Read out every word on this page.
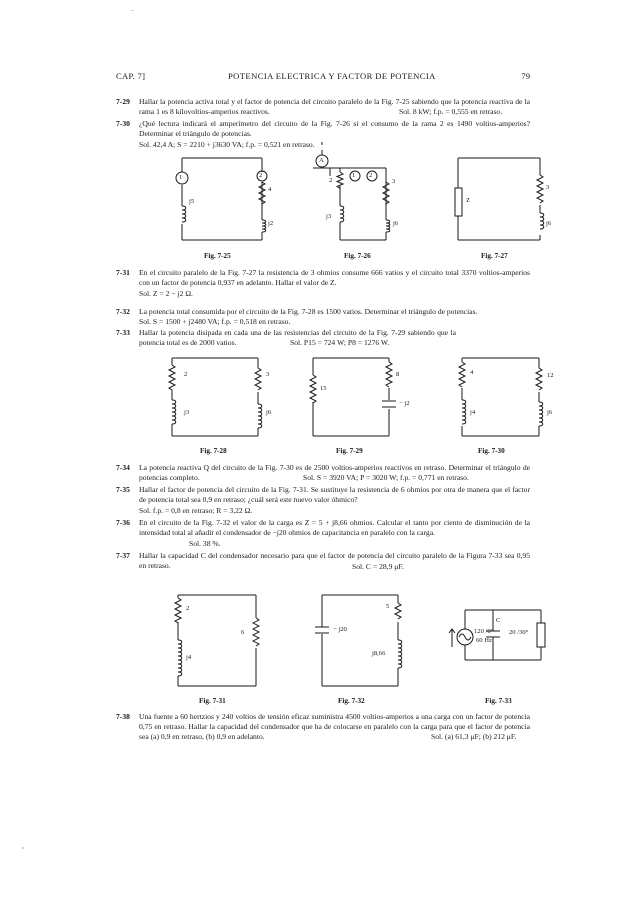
CAP. 7]	POTENCIA ELECTRICA Y FACTOR DE POTENCIA	79
7-29 Hallar la potencia activa total y el factor de potencia del circuito paralelo de la Fig. 7-25 sabiendo que la potencia reactiva de la rama 1 es 8 kilovoltios-amperios reactivos.	Sol. 8 kW; f.p. = 0,555 en retraso.
7-30 ¿Qué lectura indicará el amperímetro del circuito de la Fig. 7-26 si el consumo de la rama 2 es 1490 voltios-amperios? Determinar el triángulo de potencias.
Sol. 42,4 A; S = 2210 + j3630 VA; f.p. = 0,521 en retraso.
1	2
4
j5
j2
Fig. 7-25
A
2
1 2
3
j3
j6
Fig. 7-26
Z
3
j6
Fig. 7-27
7-31 En el circuito paralelo de la Fig. 7-27 la resistencia de 3 ohmios consume 666 vatios y el circuito total 3370 voltios-amperios con un factor de potencia 0,937 en adelanto. Hallar el valor de Z.
Sol. Z = 2 − j2 Ω.
7-32 La potencia total consumida por el circuito de la Fig. 7-28 es 1500 vatios. Determinar el triángulo de potencias.
Sol. S = 1500 + j2480 VA; f.p. = 0,518 en retraso.
7-33 Hallar la potencia disipada en cada una de las resistencias del circuito de la Fig. 7-29 sabiendo que la potencia total es de 2000 vatios.	Sol. P15 = 724 W; P8 = 1276 W.
2	3
j3	j6
Fig. 7-28
15
8
− j2
Fig. 7-29
4	12
j4	j6
Fig. 7-30
7-34 La potencia reactiva Q del circuito de la Fig. 7-30 es de 2500 voltios-amperios reactivos en retraso. Determinar el triángulo de potencias completo.	Sol. S = 3920 VA; P = 3020 W; f.p. = 0,771 en retraso.
7-35 Hallar el factor de potencia del circuito de la Fig. 7-31. Se sustituye la resistencia de 6 ohmios por otra de manera que el factor de potencia total sea 0,9 en retraso; ¿cuál será este nuevo valor óhmico?
Sol. f.p. = 0,8 en retraso; R = 3,22 Ω.
7-36 En el circuito de la Fig. 7-32 el valor de la carga es Z = 5 + j8,66 ohmios. Calcular el tanto por ciento de disminución de la intensidad total al añadir el condensador de −j20 ohmios de capacitancia en paralelo con la carga.
Sol. 38 %.
7-37 Hallar la capacidad C del condensador necesario para que el factor de potencia del circuito paralelo de la Figura 7-33 sea 0,95 en retraso.	Sol. C = 28,9 μF.
2
j4
6
Fig. 7-31
− j20
5
j8,66
Fig. 7-32
120 /0°
60 Hz
C
20 /30°
Fig. 7-33
7-38 Una fuente a 60 hertzios y 240 voltios de tensión eficaz suministra 4500 voltios-amperios a una carga con un factor de potencia 0,75 en retraso. Hallar la capacidad del condensador que ha de colocarse en paralelo con la carga para que el factor de potencia sea (a) 0,9 en retraso, (b) 0,9 en adelanto.	Sol. (a) 61,3 μF; (b) 212 μF.
